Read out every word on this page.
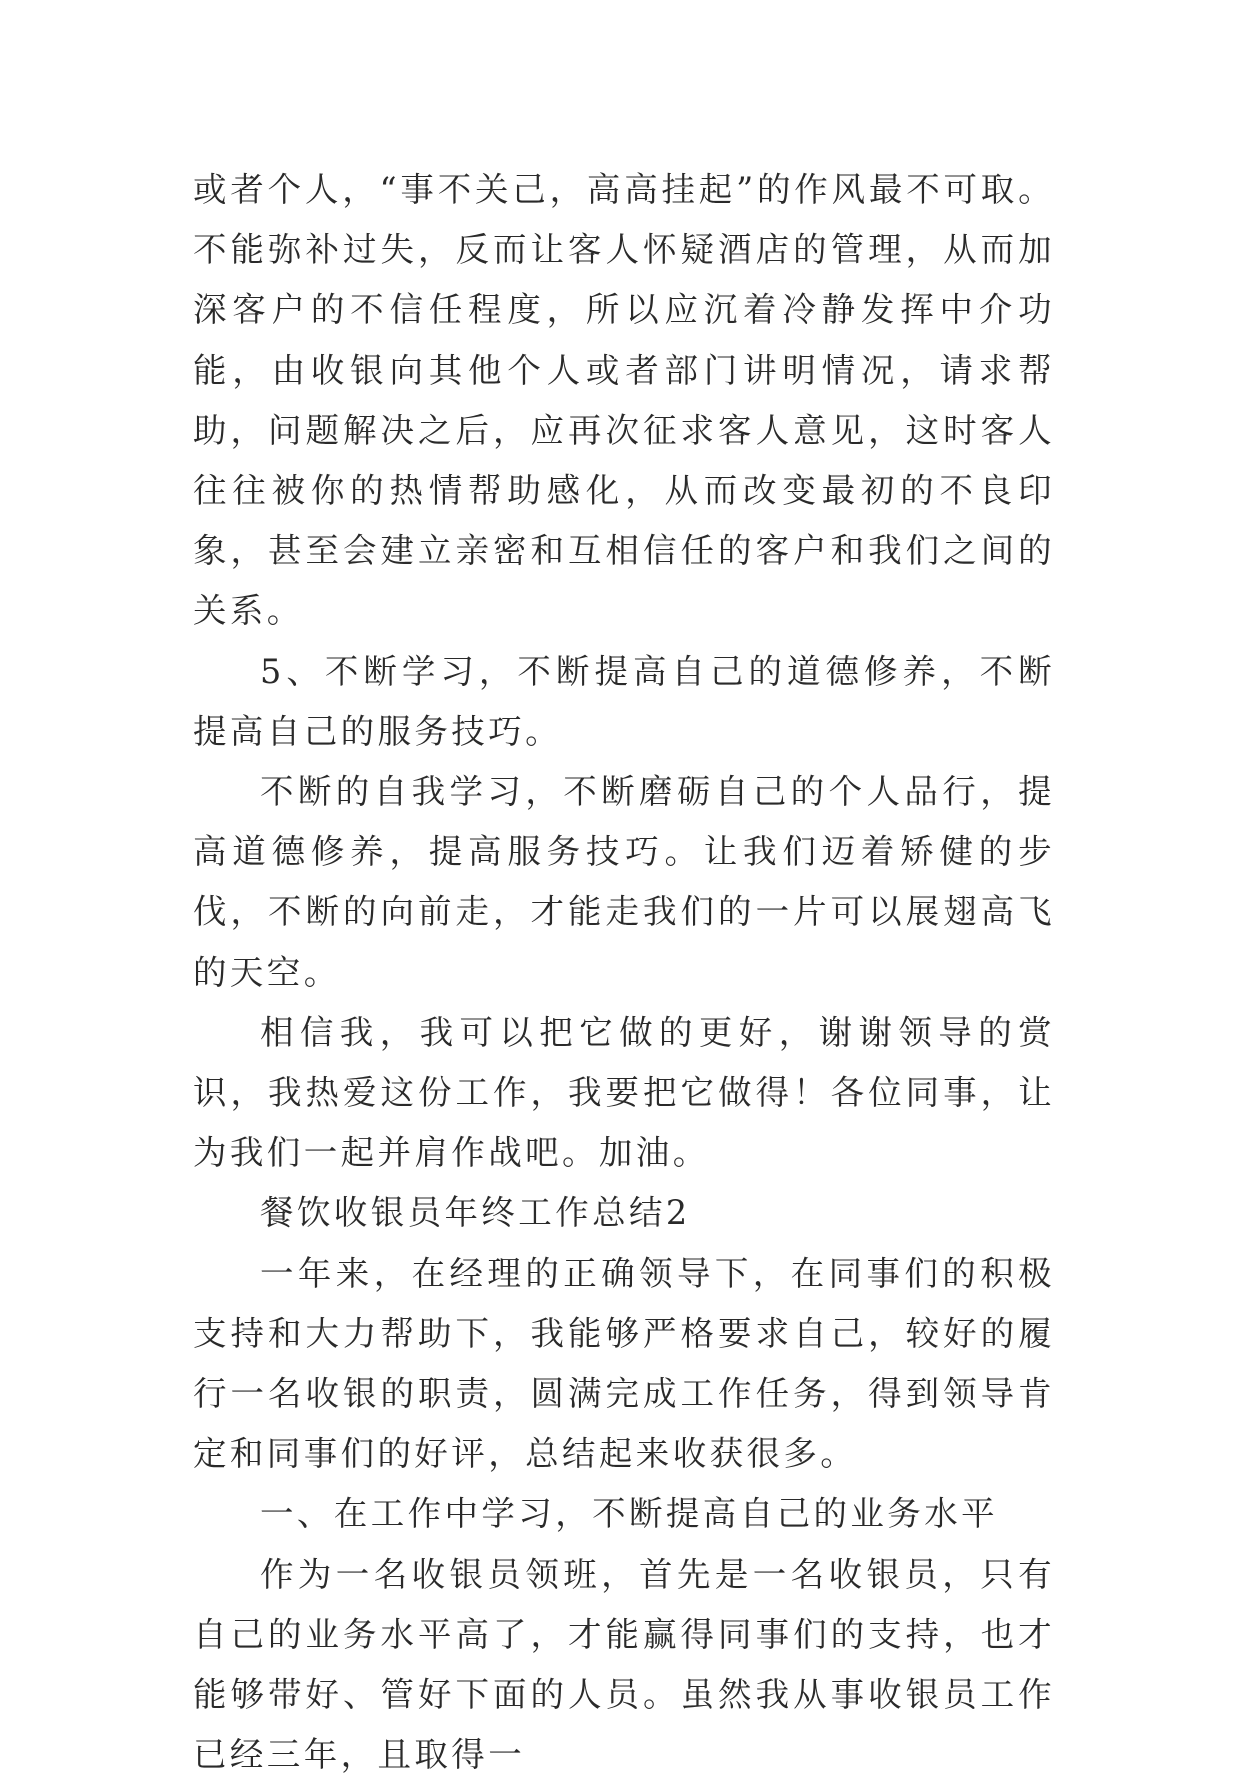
或者个人，“事不关己，高高挂起”的作风最不可取。不能弥补过失，反而让客人怀疑酒店的管理，从而加深客户的不信任程度，所以应沉着冷静发挥中介功能，由收银向其他个人或者部门讲明情况，请求帮助，问题解决之后，应再次征求客人意见，这时客人往往被你的热情帮助感化，从而改变最初的不良印象，甚至会建立亲密和互相信任的客户和我们之间的关系。

5、不断学习，不断提高自己的道德修养，不断提高自己的服务技巧。

不断的自我学习，不断磨砺自己的个人品行，提高道德修养，提高服务技巧。让我们迈着矫健的步伐，不断的向前走，才能走我们的一片可以展翅高飞的天空。

相信我，我可以把它做的更好，谢谢领导的赏识，我热爱这份工作，我要把它做得！各位同事，让为我们一起并肩作战吧。加油。

餐饮收银员年终工作总结2

一年来，在经理的正确领导下，在同事们的积极支持和大力帮助下，我能够严格要求自己，较好的履行一名收银的职责，圆满完成工作任务，得到领导肯定和同事们的好评，总结起来收获很多。

一、在工作中学习，不断提高自己的业务水平

作为一名收银员领班，首先是一名收银员，只有自己的业务水平高了，才能赢得同事们的支持，也才能够带好、管好下面的人员。虽然我从事收银员工作已经三年，且取得一
